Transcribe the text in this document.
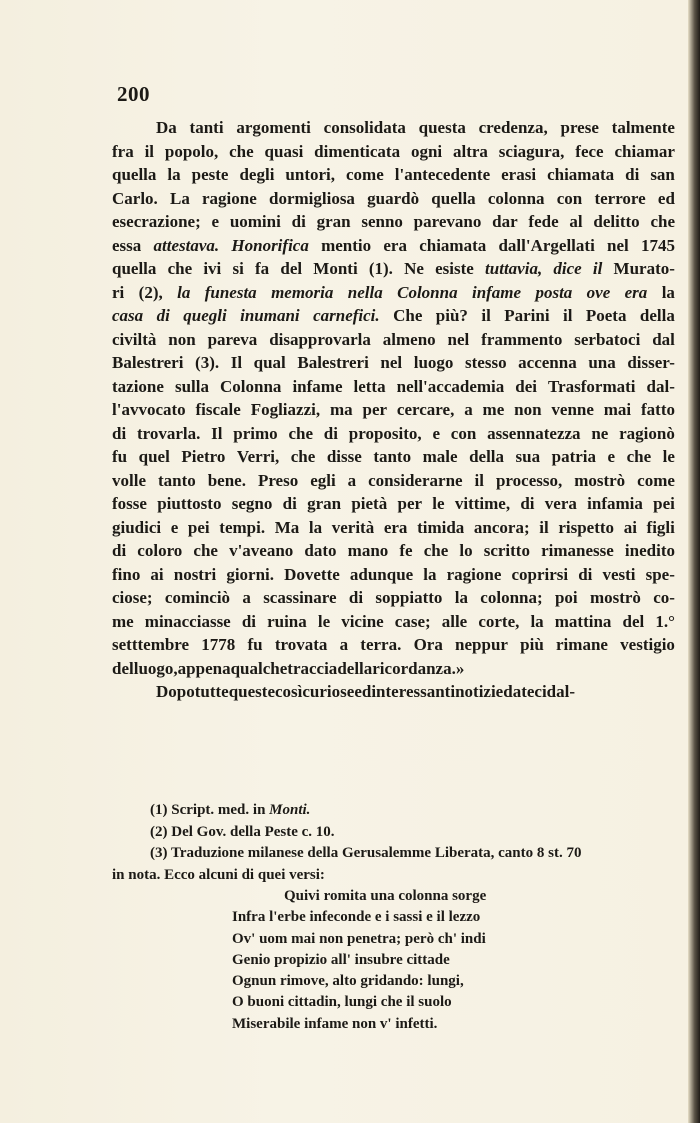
200
Da tanti argomenti consolidata questa credenza, prese talmente
fra il popolo, che quasi dimenticata ogni altra sciagura, fece chiamar
quella la peste degli untori, come l'antecedente erasi chiamata di san
Carlo. La ragione dormigliosa guardò quella colonna con terrore ed
esecrazione; e uomini di gran senno parevano dar fede al delitto che
essa attestava. Honorifica mentio era chiamata dall'Argellati nel 1745
quella che ivi si fa del Monti (1). Ne esiste tuttavia, dice il Murato-
ri (2), la funesta memoria nella Colonna infame posta ove era la
casa di quegli inumani carnefici. Che più? il Parini il Poeta della
civiltà non pareva disapprovarla almeno nel frammento serbatoci dal
Balestreri (3). Il qual Balestreri nel luogo stesso accenna una disser-
tazione sulla Colonna infame letta nell'accademia dei Trasformati dal-
l'avvocato fiscale Fogliazzi, ma per cercare, a me non venne mai fatto
di trovarla. Il primo che di proposito, e con assennatezza ne ragionò
fu quel Pietro Verri, che disse tanto male della sua patria e che le
volle tanto bene. Preso egli a considerarne il processo, mostrò come
fosse piuttosto segno di gran pietà per le vittime, di vera infamia pei
giudici e pei tempi. Ma la verità era timida ancora; il rispetto ai figli
di coloro che v'aveano dato mano fe che lo scritto rimanesse inedito
fino ai nostri giorni. Dovette adunque la ragione coprirsi di vesti spe-
ciose; cominciò a scassinare di soppiatto la colonna; poi mostrò co-
me minacciasse di ruina le vicine case; alle corte, la mattina del 1.°
setttembre 1778 fu trovata a terra. Ora neppur più rimane vestigio
del luogo, appena qualche traccia della ricordanza. »
Dopo tutte queste così curiose ed interessanti notizie dateci dal-
(1) Script. med. in Monti.
(2) Del Gov. della Peste c. 10.
(3) Traduzione milanese della Gerusalemme Liberata, canto 8 st. 70
in nota. Ecco alcuni di quei versi:
Quivi romita una colonna sorge
Infra l'erbe infeconde e i sassi e il lezzo
Ov' uom mai non penetra; però ch' indi
Genio propizio all' insubre cittade
Ognun rimove, alto gridando: lungi,
O buoni cittadin, lungi che il suolo
Miserabile infame non v' infetti.
